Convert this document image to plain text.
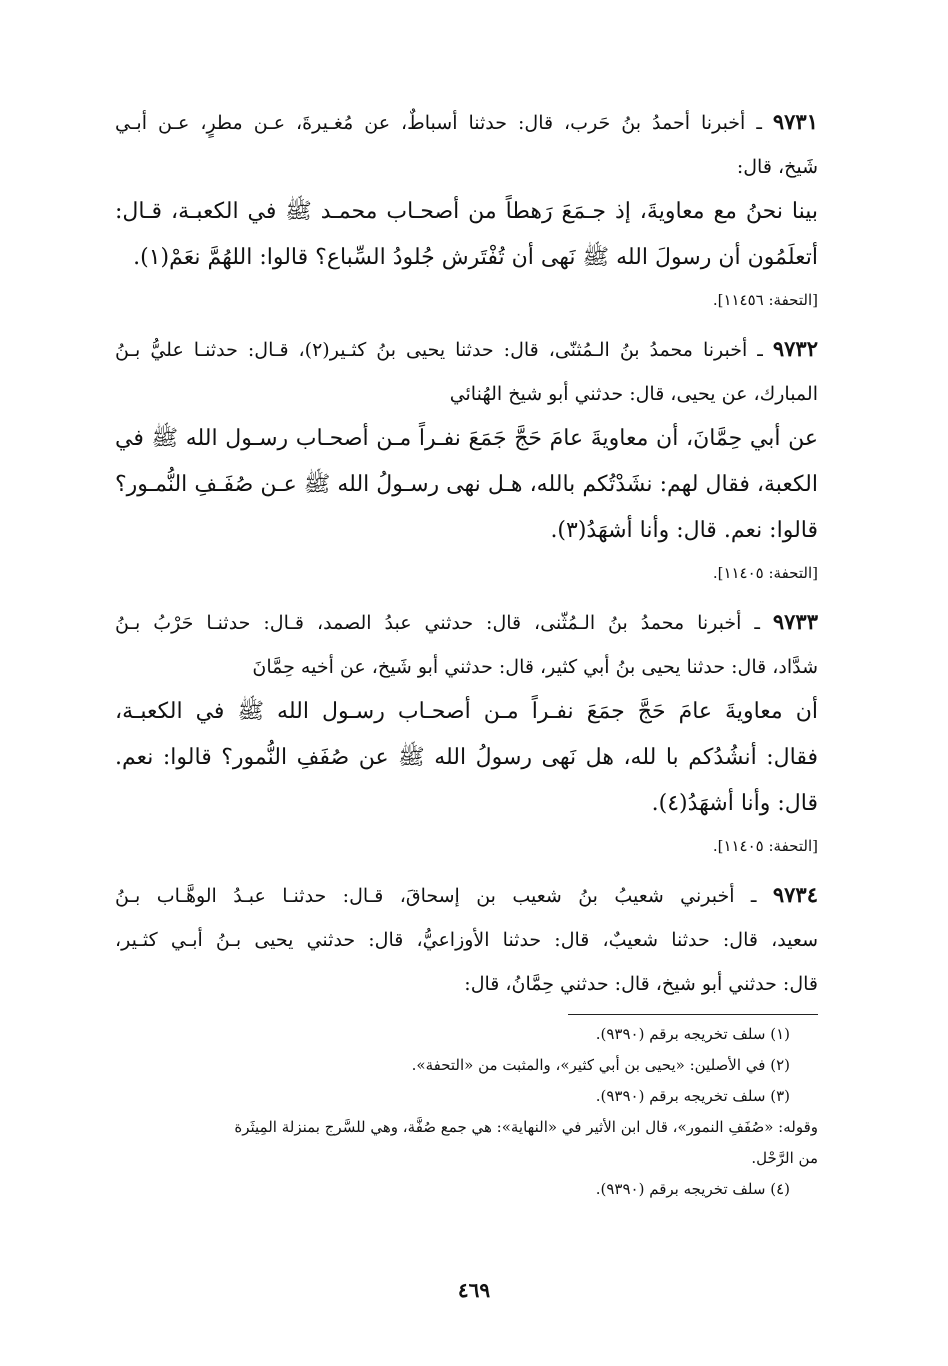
٩٧٣١ ـ أخبرنا أحمدُ بنُ حَرب، قال: حدثنا أسباطٌ، عن مُغـيرةَ، عـن مطرٍ، عـن أبـي
شَيخ، قال:
بينا نحنُ مع معاويةَ، إذ جـمَعَ رَهطاً من أصحـاب محمـد ﷺ في الكعبـة، قـال:
أتعلَمُون أن رسولَ الله ﷺ نَهى أن تُفْتَرش جُلودُ السِّباع؟ قالوا: اللهُمَّ نعَمْ(١).
[التحفة: ١١٤٥٦].
٩٧٣٢ ـ أخبرنا محمدُ بنُ الـمُثنّى، قال: حدثنا يحيى بنُ كثـير(٢)، قـال: حدثنـا عليُّ بـنُ
المبارك، عن يحيى، قال: حدثني أبو شيخ الهُنائي
عن أبي حِمَّانَ، أن معاويةَ عامَ حَجَّ جَمَعَ نفـراً مـن أصحـاب رسـول الله ﷺ في
الكعبة، فقال لهم: نشَدْتُكم بالله، هـل نهى رسـولُ الله ﷺ عـن صُفَـفِ النُّمـور؟
قالوا: نعم. قال: وأنا أشهَدُ(٣).
[التحفة: ١١٤٠٥].
٩٧٣٣ ـ أخبرنا محمدُ بنُ الـمُثّنى، قال: حدثني عبدُ الصمد، قـال: حدثنـا حَرْبُ بـنُ
شدَّاد، قال: حدثنا يحيى بنُ أبي كثير، قال: حدثني أبو شَيخ، عن أخيه حِمَّانَ
أن معاويةَ عامَ حَجَّ جمَعَ نفـراً مـن أصحـاب رسـول الله ﷺ في الكعبـة،
فقال: أنشُدُكم با لله، هل نَهى رسولُ الله ﷺ عن صُفَفِ النُّمور؟ قالوا: نعم.
قال: وأنا أشهَدُ(٤).
[التحفة: ١١٤٠٥].
٩٧٣٤ ـ أخبرني شعيبُ بنُ شعيب بن إسحاقَ، قـال: حدثنـا عبـدُ الوهَّـاب بـنُ
سعيد، قال: حدثنا شعيبٌ، قال: حدثنا الأوزاعيُّ، قال: حدثني يحيى بـنُ أبـي كثـير،
قال: حدثني أبو شيخ، قال: حدثني حِمَّانُ، قال:
(١) سلف تخريجه برقم (٩٣٩٠).
(٢) في الأصلين: «يحيى بن أبي كثير»، والمثبت من «التحفة».
(٣) سلف تخريجه برقم (٩٣٩٠).
وقوله: «صُفَفِ النمور»، قال ابن الأثير في «النهاية»: هي جمع صُفَّة، وهي للسَّرج بمنزلة المِيثَرة
من الرَّحْل.
(٤) سلف تخريجه برقم (٩٣٩٠).
٤٦٩
